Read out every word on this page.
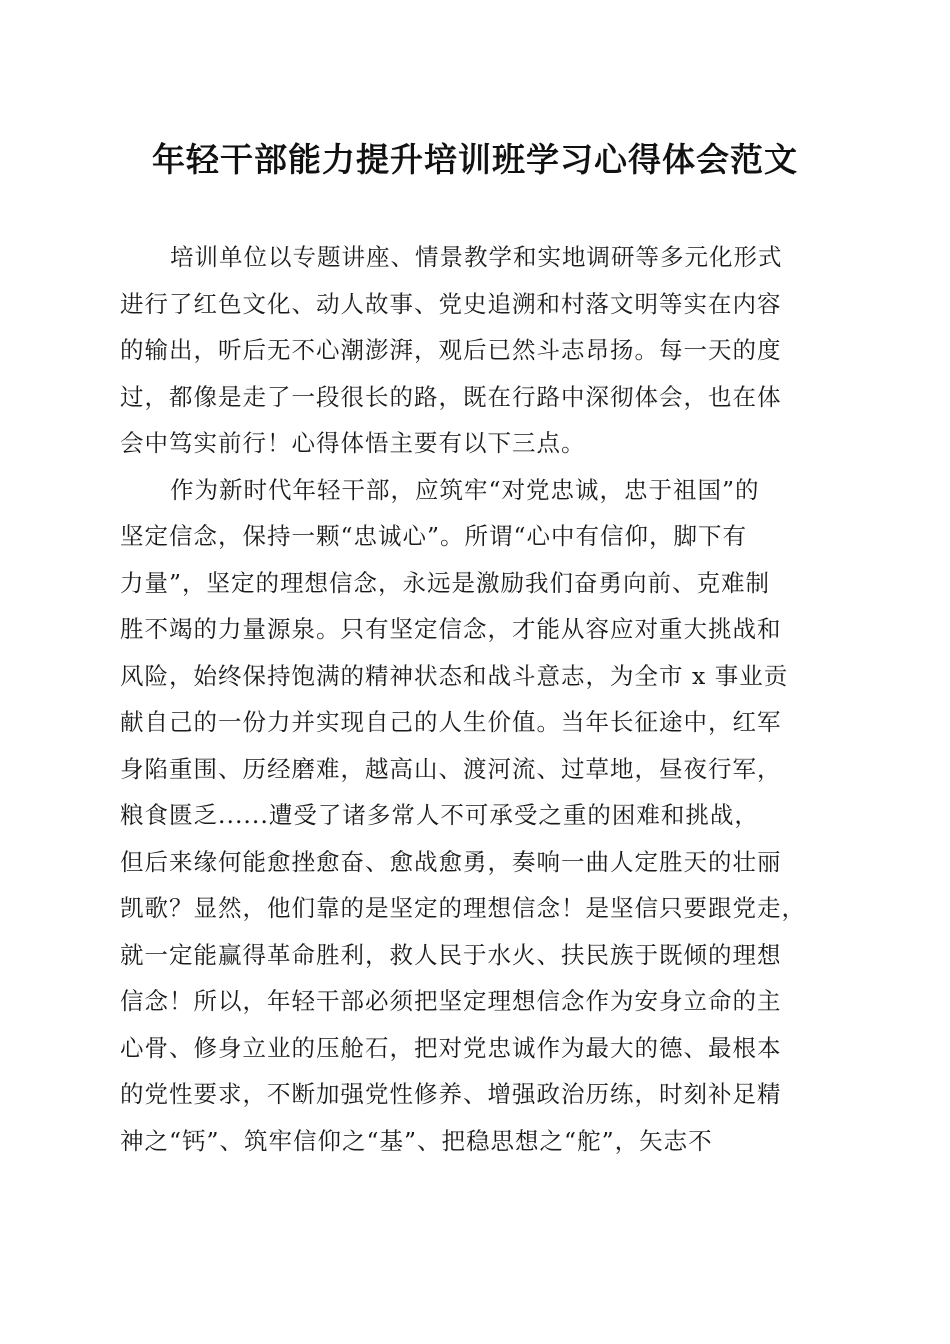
年轻干部能力提升培训班学习心得体会范文
培训单位以专题讲座、情景教学和实地调研等多元化形式
进行了红色文化、动人故事、党史追溯和村落文明等实在内容
的输出，听后无不心潮澎湃，观后已然斗志昂扬。每一天的度
过，都像是走了一段很长的路，既在行路中深彻体会，也在体
会中笃实前行！心得体悟主要有以下三点。
作为新时代年轻干部，应筑牢“对党忠诚，忠于祖国”的
坚定信念，保持一颗“忠诚心”。所谓“心中有信仰，脚下有
力量”，坚定的理想信念，永远是激励我们奋勇向前、克难制
胜不竭的力量源泉。只有坚定信念，才能从容应对重大挑战和
风险，始终保持饱满的精神状态和战斗意志，为全市 x 事业贡
献自己的一份力并实现自己的人生价值。当年长征途中，红军
身陷重围、历经磨难，越高山、渡河流、过草地，昼夜行军，
粮食匮乏......遭受了诸多常人不可承受之重的困难和挑战，
但后来缘何能愈挫愈奋、愈战愈勇，奏响一曲人定胜天的壮丽
凯歌？显然，他们靠的是坚定的理想信念！是坚信只要跟党走，
就一定能赢得革命胜利，救人民于水火、扶民族于既倾的理想
信念！所以，年轻干部必须把坚定理想信念作为安身立命的主
心骨、修身立业的压舱石，把对党忠诚作为最大的德、最根本
的党性要求，不断加强党性修养、增强政治历练，时刻补足精
神之“钙”、筑牢信仰之“基”、把稳思想之“舵”，矢志不
